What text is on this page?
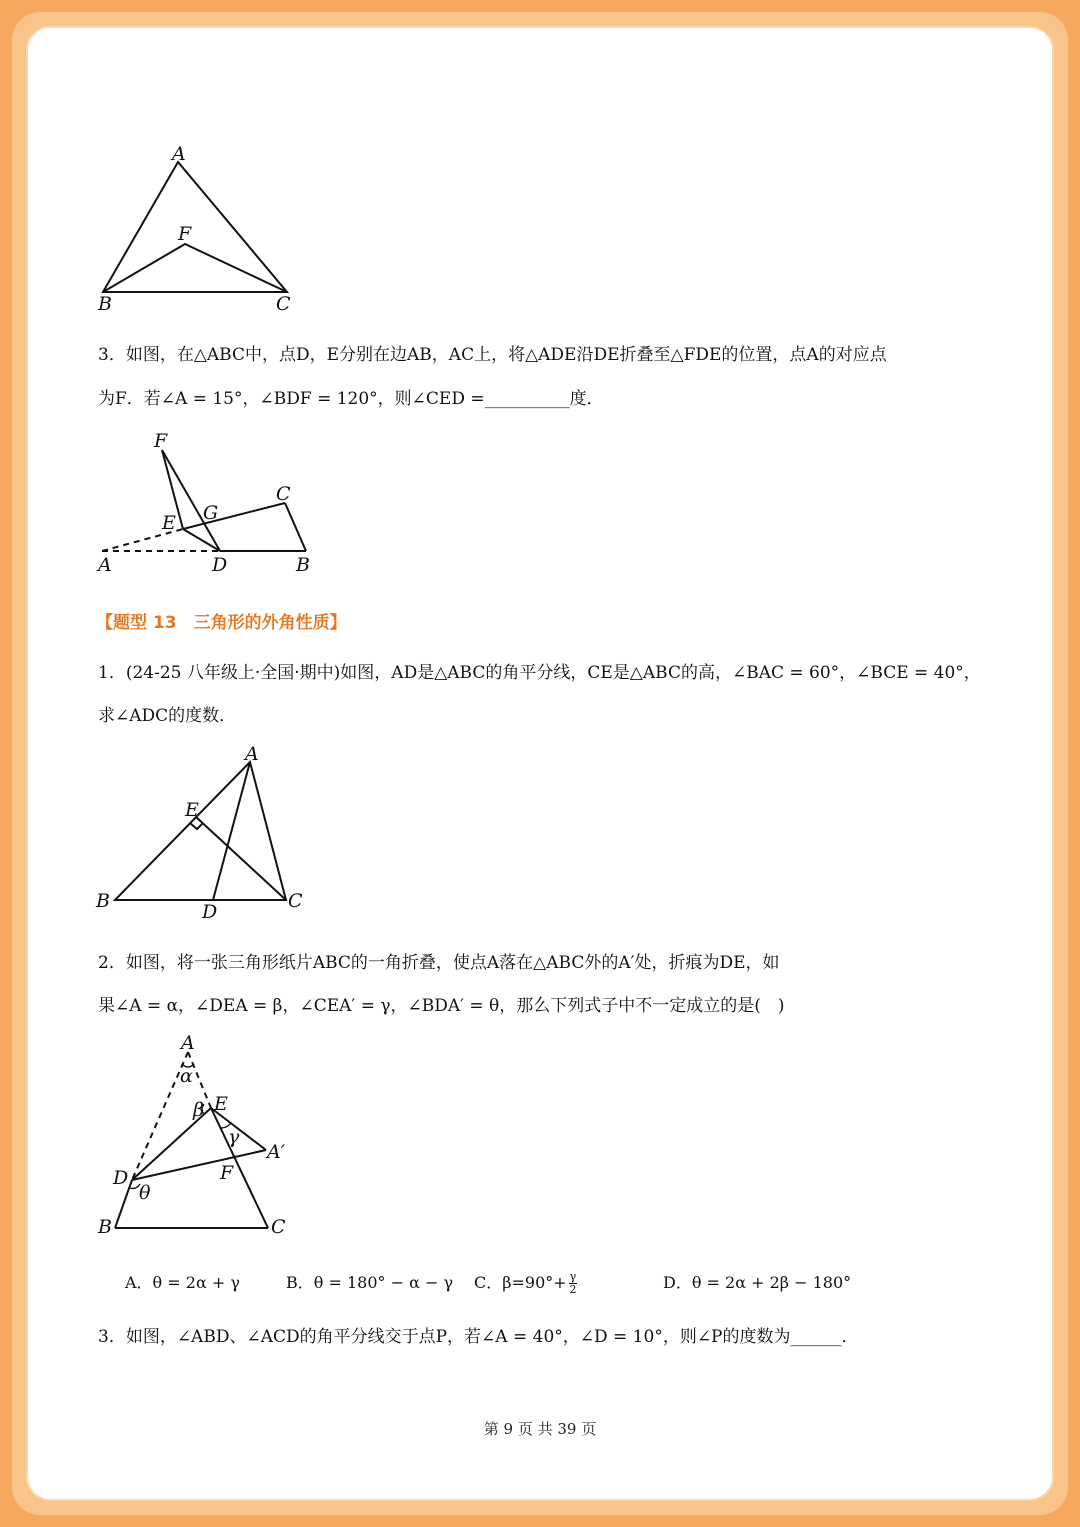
A
F
B	C

3．如图，在△ABC中，点D，E分别在边AB，AC上，将△ADE沿DE折叠至△FDE的位置，点A的对应点

为F．若∠A = 15°，∠BDF = 120°，则∠CED =__________度．

F
C
E G
A	D	B

【题型 13　三角形的外角性质】

1．(24-25 八年级上·全国·期中)如图，AD是△ABC的角平分线，CE是△ABC的高，∠BAC = 60°，∠BCE = 40°，

求∠ADC的度数．

A
E
B	D	C

2．如图，将一张三角形纸片ABC的一角折叠，使点A落在△ABC外的A′处，折痕为DE，如

果∠A = α，∠DEA = β，∠CEA′ = γ，∠BDA′ = θ，那么下列式子中不一定成立的是(　)

A
α
β E
γ
A′
D
θ
F
B	C
A．θ = 2α + γ	B．θ = 180° − α − γ C．$\beta=90^\circ+ \frac{\gamma}{2}$	D．θ = 2α + 2β − 180°

3．如图，∠ABD、∠ACD的角平分线交于点P，若∠A = 40°，∠D = 10°，则∠P的度数为______．

第 9 页 共 39 页
